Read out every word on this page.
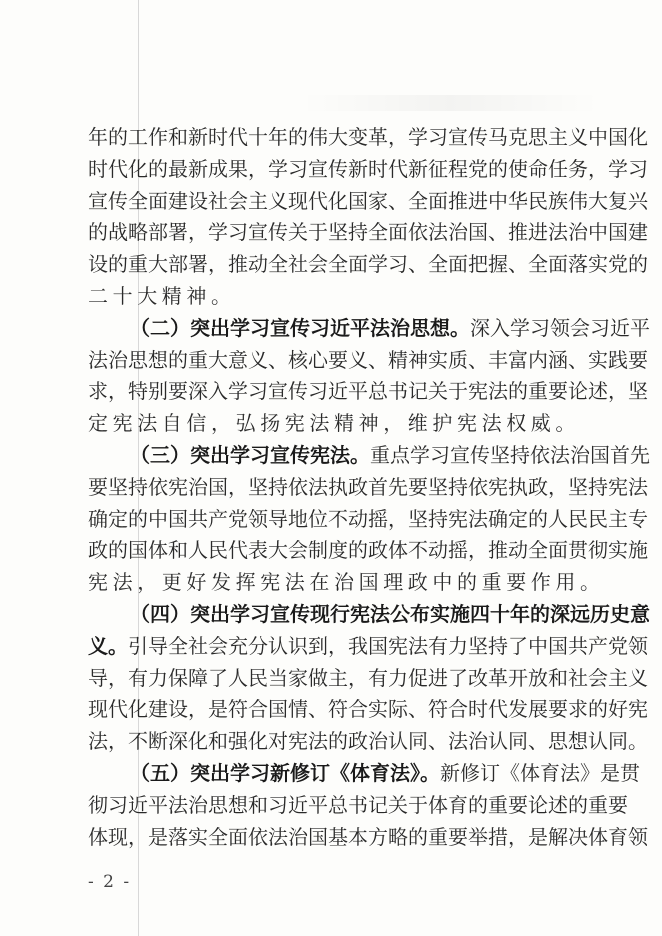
年的工作和新时代十年的伟大变革，学习宣传马克思主义中国化
时代化的最新成果，学习宣传新时代新征程党的使命任务，学习
宣传全面建设社会主义现代化国家、全面推进中华民族伟大复兴
的战略部署，学习宣传关于坚持全面依法治国、推进法治中国建
设的重大部署，推动全社会全面学习、全面把握、全面落实党的
二十大精神。
（二）突出学习宣传习近平法治思想。深入学习领会习近平
法治思想的重大意义、核心要义、精神实质、丰富内涵、实践要
求，特别要深入学习宣传习近平总书记关于宪法的重要论述，坚
定宪法自信，弘扬宪法精神，维护宪法权威。
（三）突出学习宣传宪法。重点学习宣传坚持依法治国首先
要坚持依宪治国，坚持依法执政首先要坚持依宪执政，坚持宪法
确定的中国共产党领导地位不动摇，坚持宪法确定的人民民主专
政的国体和人民代表大会制度的政体不动摇，推动全面贯彻实施
宪法，更好发挥宪法在治国理政中的重要作用。
（四）突出学习宣传现行宪法公布实施四十年的深远历史意
义。引导全社会充分认识到，我国宪法有力坚持了中国共产党领
导，有力保障了人民当家做主，有力促进了改革开放和社会主义
现代化建设，是符合国情、符合实际、符合时代发展要求的好宪
法，不断深化和强化对宪法的政治认同、法治认同、思想认同。
（五）突出学习新修订《体育法》。新修订《体育法》是贯
彻习近平法治思想和习近平总书记关于体育的重要论述的重要
体现，是落实全面依法治国基本方略的重要举措，是解决体育领
- 2 -
